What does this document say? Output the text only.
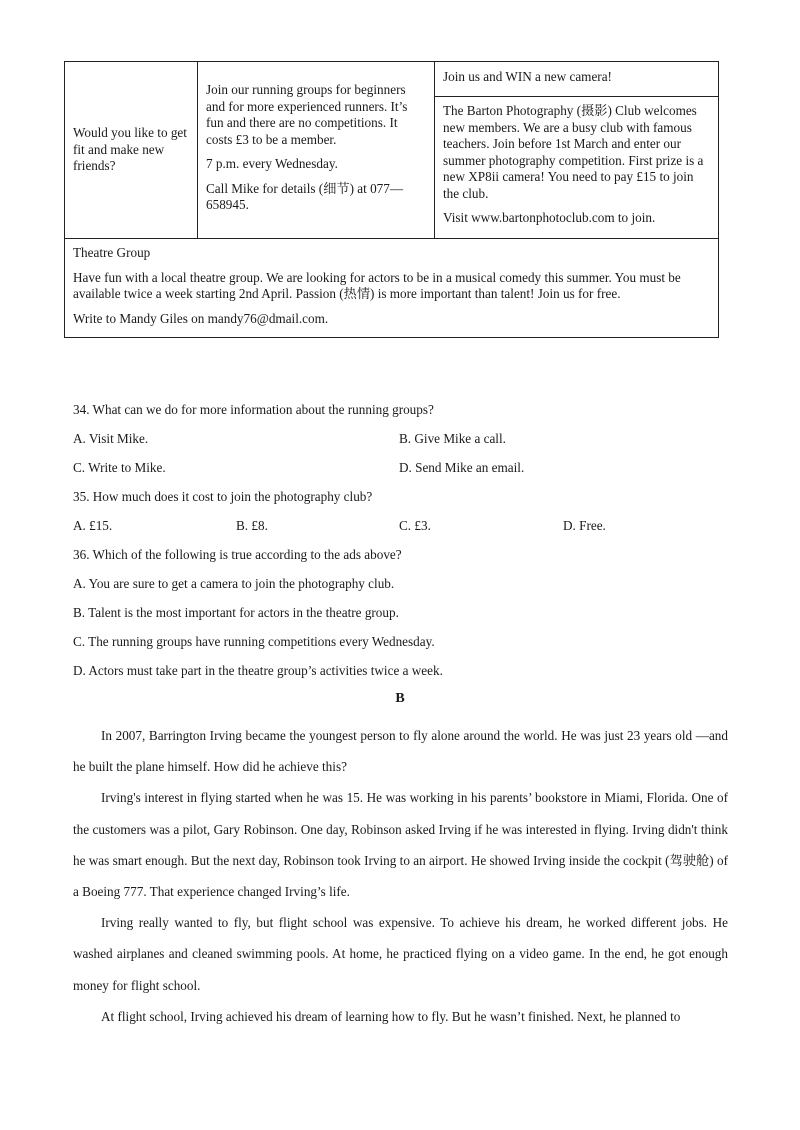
Would you like to get fit and make new friends?	

Join our running groups for beginners and for more experienced runners. It’s fun and there are no competitions. It costs £3 to be a member.

7 p.m. every Wednesday.

Call Mike for details (细节) at 077—658945.

Join us and WIN a new camera!

The Barton Photography (摄影) Club welcomes new members. We are a busy club with famous teachers. Join before 1st March and enter our summer photography competition. First prize is a new XP8ii camera! You need to pay £15 to join the club.

Visit www.bartonphotoclub.com to join.

Theatre Group

Have fun with a local theatre group. We are looking for actors to be in a musical comedy this summer. You must be available twice a week starting 2nd April. Passion (热情) is more important than talent! Join us for free.

Write to Mandy Giles on mandy76@dmail.com.

34. What can we do for more information about the running groups?
A. Visit Mike.	B. Give Mike a call.
C. Write to Mike.	D. Send Mike an email.
35. How much does it cost to join the photography club?
A. £15.	B. £8.	C. £3.	D. Free.
36. Which of the following is true according to the ads above?
A. You are sure to get a camera to join the photography club.
B. Talent is the most important for actors in the theatre group.
C. The running groups have running competitions every Wednesday.
D. Actors must take part in the theatre group’s activities twice a week.
B

In 2007, Barrington Irving became the youngest person to fly alone around the world. He was just 23 years old —and he built the plane himself. How did he achieve this?

Irving's interest in flying started when he was 15. He was working in his parents’ bookstore in Miami, Florida. One of the customers was a pilot, Gary Robinson. One day, Robinson asked Irving if he was interested in flying. Irving didn't think he was smart enough. But the next day, Robinson took Irving to an airport. He showed Irving inside the cockpit (驾驶舱) of a Boeing 777. That experience changed Irving’s life.

Irving really wanted to fly, but flight school was expensive. To achieve his dream, he worked different jobs. He washed airplanes and cleaned swimming pools. At home, he practiced flying on a video game. In the end, he got enough money for flight school.

At flight school, Irving achieved his dream of learning how to fly. But he wasn’t finished. Next, he planned to
